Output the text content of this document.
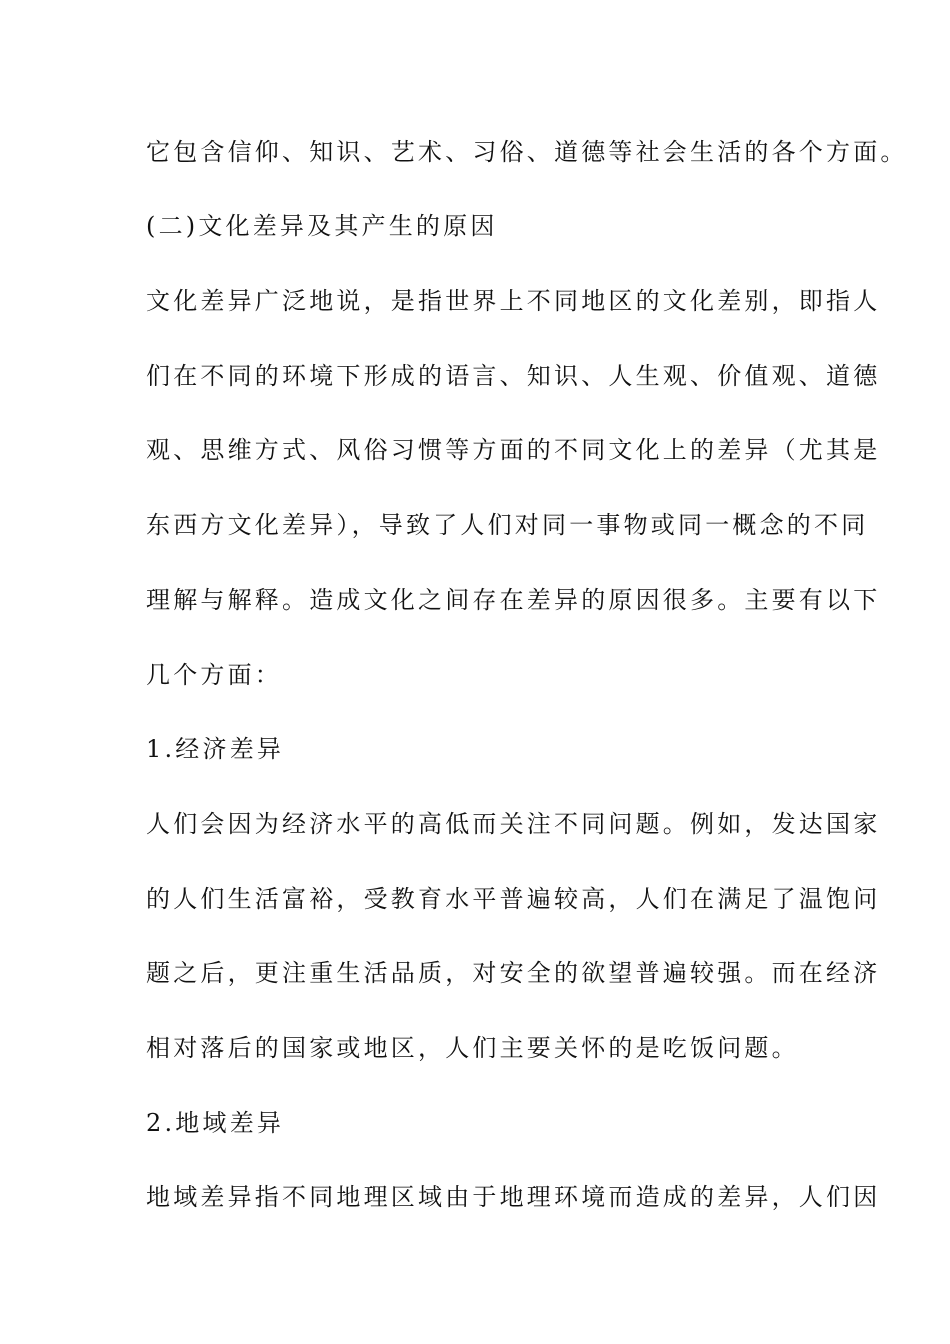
它包含信仰、知识、艺术、习俗、道德等社会生活的各个方面。
(二)文化差异及其产生的原因
文化差异广泛地说，是指世界上不同地区的文化差别，即指人
们在不同的环境下形成的语言、知识、人生观、价值观、道德
观、思维方式、风俗习惯等方面的不同文化上的差异（尤其是
东西方文化差异），导致了人们对同一事物或同一概念的不同
理解与解释。造成文化之间存在差异的原因很多。主要有以下
几个方面：
1.经济差异
人们会因为经济水平的高低而关注不同问题。例如，发达国家
的人们生活富裕，受教育水平普遍较高，人们在满足了温饱问
题之后，更注重生活品质，对安全的欲望普遍较强。而在经济
相对落后的国家或地区，人们主要关怀的是吃饭问题。
2.地域差异
地域差异指不同地理区域由于地理环境而造成的差异，人们因
